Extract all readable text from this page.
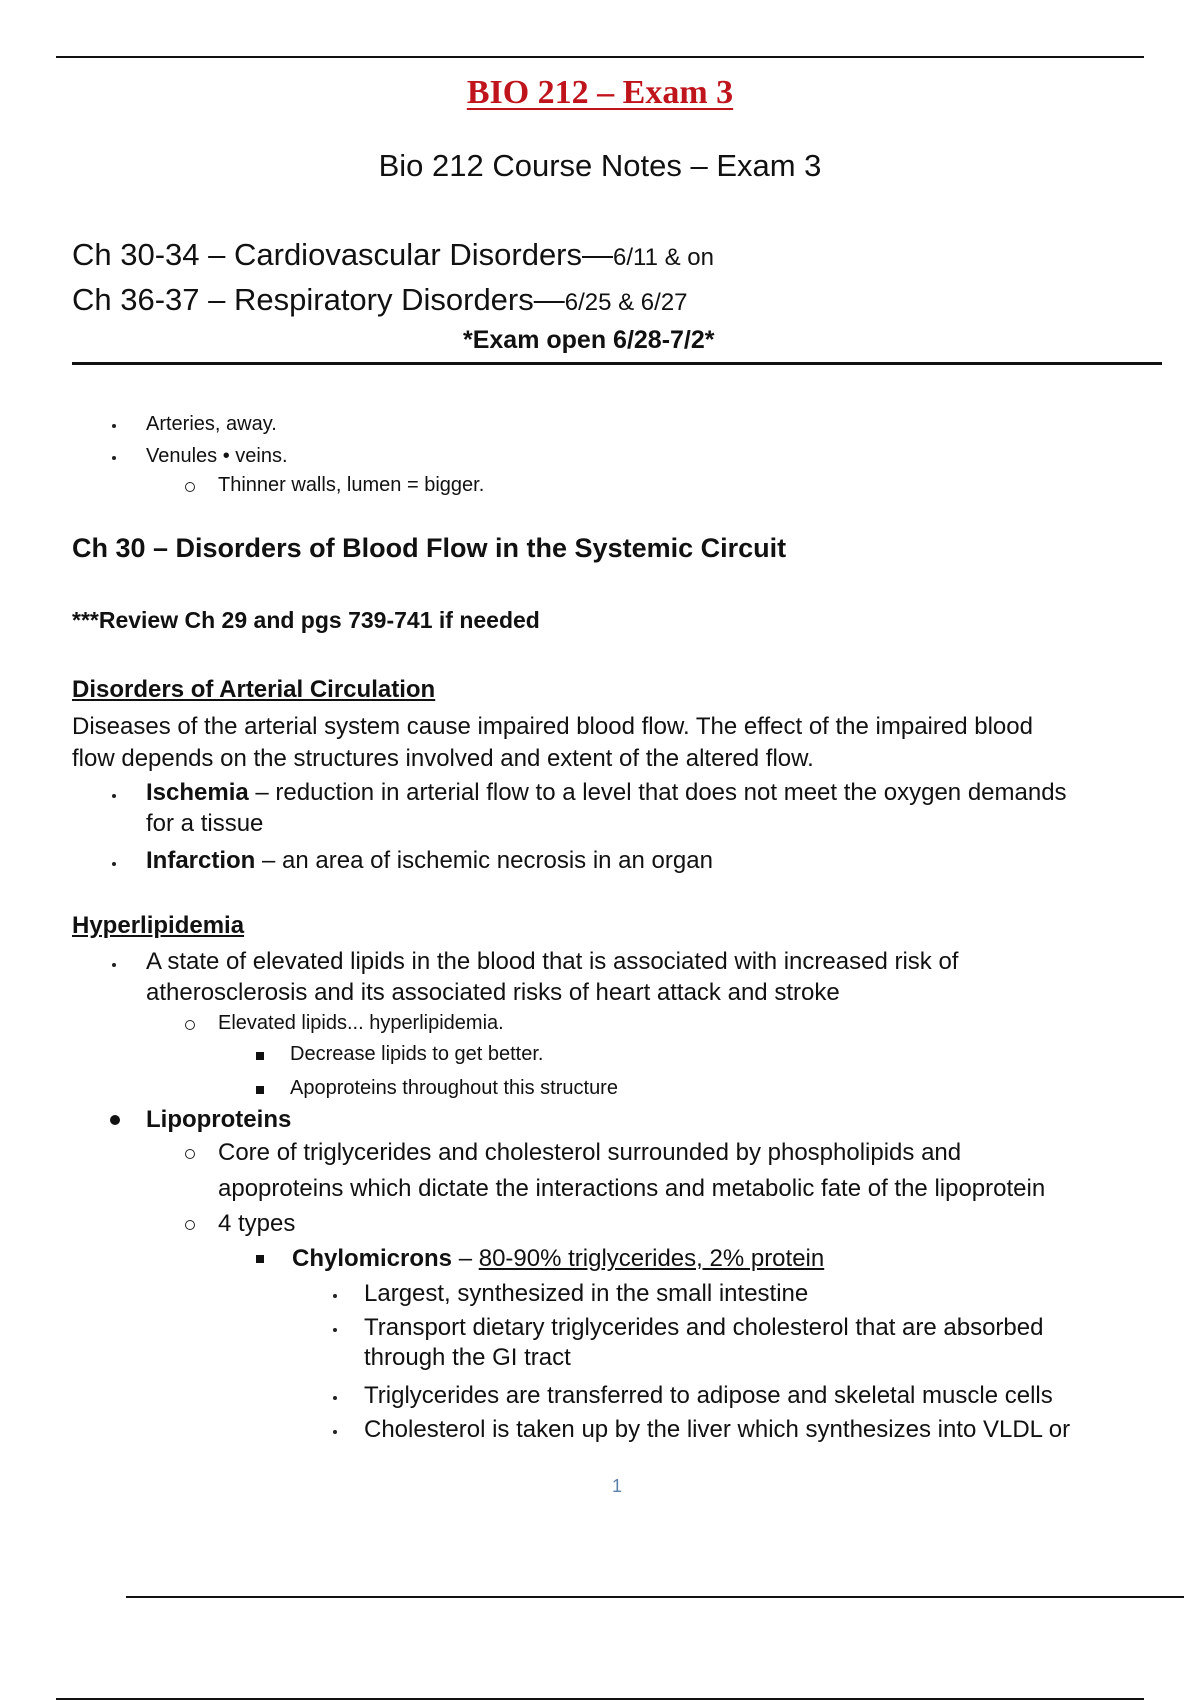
BIO 212 – Exam 3
Bio 212 Course Notes – Exam 3
Ch 30-34 – Cardiovascular Disorders—6/11 & on
Ch 36-37 – Respiratory Disorders—6/25 & 6/27
*Exam open 6/28-7/2*
Arteries, away.
Venules • veins.
Thinner walls, lumen = bigger.
Ch 30 – Disorders of Blood Flow in the Systemic Circuit
***Review Ch 29 and pgs 739-741 if needed
Disorders of Arterial Circulation
Diseases of the arterial system cause impaired blood flow. The effect of the impaired blood
flow depends on the structures involved and extent of the altered flow.
Ischemia – reduction in arterial flow to a level that does not meet the oxygen demands
for a tissue
Infarction – an area of ischemic necrosis in an organ
Hyperlipidemia
A state of elevated lipids in the blood that is associated with increased risk of
atherosclerosis and its associated risks of heart attack and stroke
Elevated lipids... hyperlipidemia.
Decrease lipids to get better.
Apoproteins throughout this structure
Lipoproteins
Core of triglycerides and cholesterol surrounded by phospholipids and
apoproteins which dictate the interactions and metabolic fate of the lipoprotein
4 types
Chylomicrons – 80-90% triglycerides, 2% protein
Largest, synthesized in the small intestine
Transport dietary triglycerides and cholesterol that are absorbed
through the GI tract
Triglycerides are transferred to adipose and skeletal muscle cells
Cholesterol is taken up by the liver which synthesizes into VLDL or
1
